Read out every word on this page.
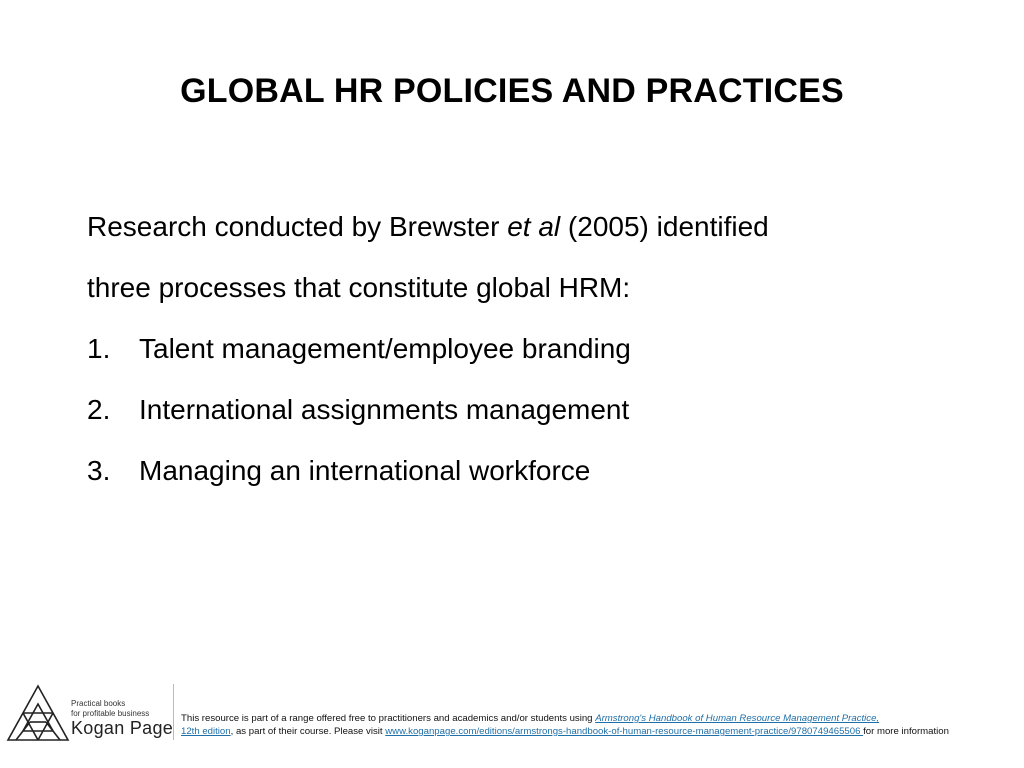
GLOBAL HR POLICIES AND PRACTICES
Research conducted by Brewster et al (2005) identified
three processes that constitute global HRM:
1. Talent management/employee branding
2. International assignments management
3. Managing an international workforce
Practical books
for profitable business
Kogan Page This resource is part of a range offered free to practitioners and academics and/or students using Armstrong's Handbook of Human Resource Management Practice,
12th edition, as part of their course. Please visit www.koganpage.com/editions/armstrongs-handbook-of-human-resource-management-practice/9780749465506 for more information
